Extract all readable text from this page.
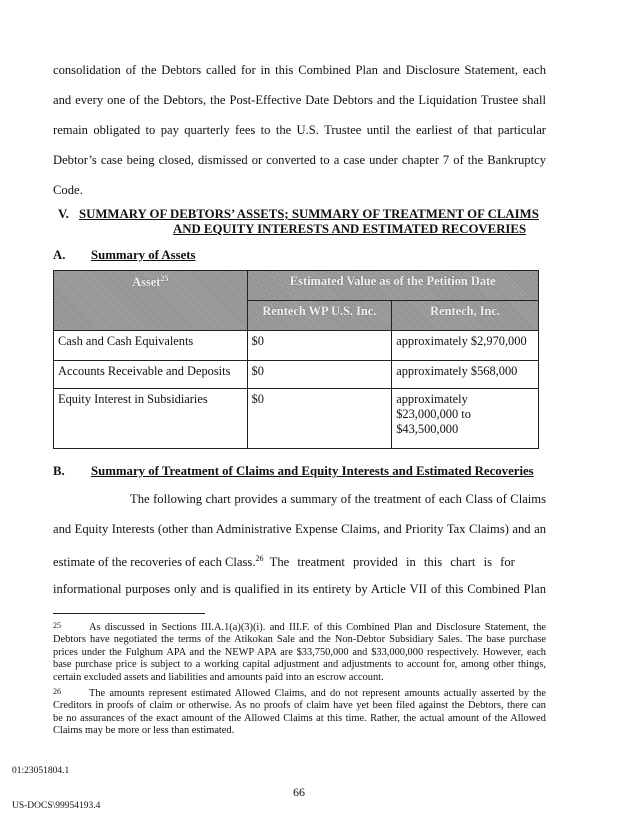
consolidation of the Debtors called for in this Combined Plan and Disclosure Statement, each
and every one of the Debtors, the Post-Effective Date Debtors and the Liquidation Trustee shall
remain obligated to pay quarterly fees to the U.S. Trustee until the earliest of that particular
Debtor’s case being closed, dismissed or converted to a case under chapter 7 of the Bankruptcy
Code.
V. SUMMARY OF DEBTORS’ ASSETS; SUMMARY OF TREATMENT OF CLAIMS
AND EQUITY INTERESTS AND ESTIMATED RECOVERIES
A. Summary of Assets
Asset$^{25}$	Estimated Value as of the Petition Date	
	Rentech WP U.S. Inc.	Rentech, Inc.
Cash and Cash Equivalents	$0	approximately $2,970,000
Accounts Receivable and Deposits	$0	approximately $568,000
Equity Interest in Subsidiaries	$0	approximately
$23,000,000 to
$43,500,000
B. Summary of Treatment of Claims and Equity Interests and Estimated Recoveries
The following chart provides a summary of the treatment of each Class of Claims
and Equity Interests (other than Administrative Expense Claims, and Priority Tax Claims) and an
estimate of the recoveries of each Class.$^{26}$ The treatment provided in this chart is for
informational purposes only and is qualified in its entirety by Article VII of this Combined Plan
25	As discussed in Sections III.A.1(a)(3)(i). and III.F. of this Combined Plan and Disclosure Statement, the
Debtors have negotiated the terms of the Atikokan Sale and the Non-Debtor Subsidiary Sales. The base purchase
prices under the Fulghum APA and the NEWP APA are $33,750,000 and $33,000,000 respectively. However, each
base purchase price is subject to a working capital adjustment and adjustments to account for, among other things,
certain excluded assets and liabilities and amounts paid into an escrow account.
26	The amounts represent estimated Allowed Claims, and do not represent amounts actually asserted by the
Creditors in proofs of claim or otherwise. As no proofs of claim have yet been filed against the Debtors, there can
be no assurances of the exact amount of the Allowed Claims at this time. Rather, the actual amount of the Allowed
Claims may be more or less than estimated.
01:23051804.1
66
US-DOCS\99954193.4
